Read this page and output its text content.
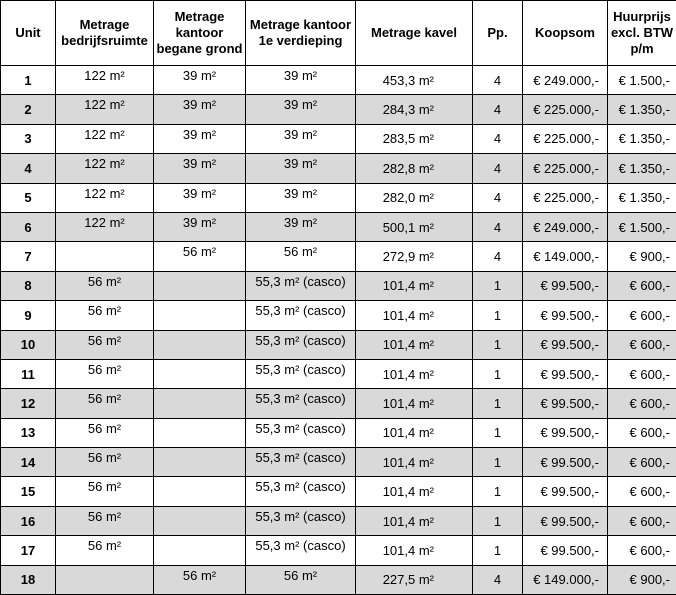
Unit	Metrage bedrijfsruimte	Metrage kantoor begane grond	Metrage kantoor 1e verdieping	Metrage kavel	Pp.	Koopsom	Huurprijs excl. BTW p/m
1	122 m²	39 m²	39 m²	453,3 m²	4	€ 249.000,-	€ 1.500,-
2	122 m²	39 m²	39 m²	284,3 m²	4	€ 225.000,-	€ 1.350,-
3	122 m²	39 m²	39 m²	283,5 m²	4	€ 225.000,-	€ 1.350,-
4	122 m²	39 m²	39 m²	282,8 m²	4	€ 225.000,-	€ 1.350,-
5	122 m²	39 m²	39 m²	282,0 m²	4	€ 225.000,-	€ 1.350,-
6	122 m²	39 m²	39 m²	500,1 m²	4	€ 249.000,-	€ 1.500,-
7		56 m²	56 m²	272,9 m²	4	€ 149.000,-	€ 900,-
8	56 m²		55,3 m² (casco)	101,4 m²	1	€ 99.500,-	€ 600,-
9	56 m²		55,3 m² (casco)	101,4 m²	1	€ 99.500,-	€ 600,-
10	56 m²		55,3 m² (casco)	101,4 m²	1	€ 99.500,-	€ 600,-
11	56 m²		55,3 m² (casco)	101,4 m²	1	€ 99.500,-	€ 600,-
12	56 m²		55,3 m² (casco)	101,4 m²	1	€ 99.500,-	€ 600,-
13	56 m²		55,3 m² (casco)	101,4 m²	1	€ 99.500,-	€ 600,-
14	56 m²		55,3 m² (casco)	101,4 m²	1	€ 99.500,-	€ 600,-
15	56 m²		55,3 m² (casco)	101,4 m²	1	€ 99.500,-	€ 600,-
16	56 m²		55,3 m² (casco)	101,4 m²	1	€ 99.500,-	€ 600,-
17	56 m²		55,3 m² (casco)	101,4 m²	1	€ 99.500,-	€ 600,-
18		56 m²	56 m²	227,5 m²	4	€ 149.000,-	€ 900,-
